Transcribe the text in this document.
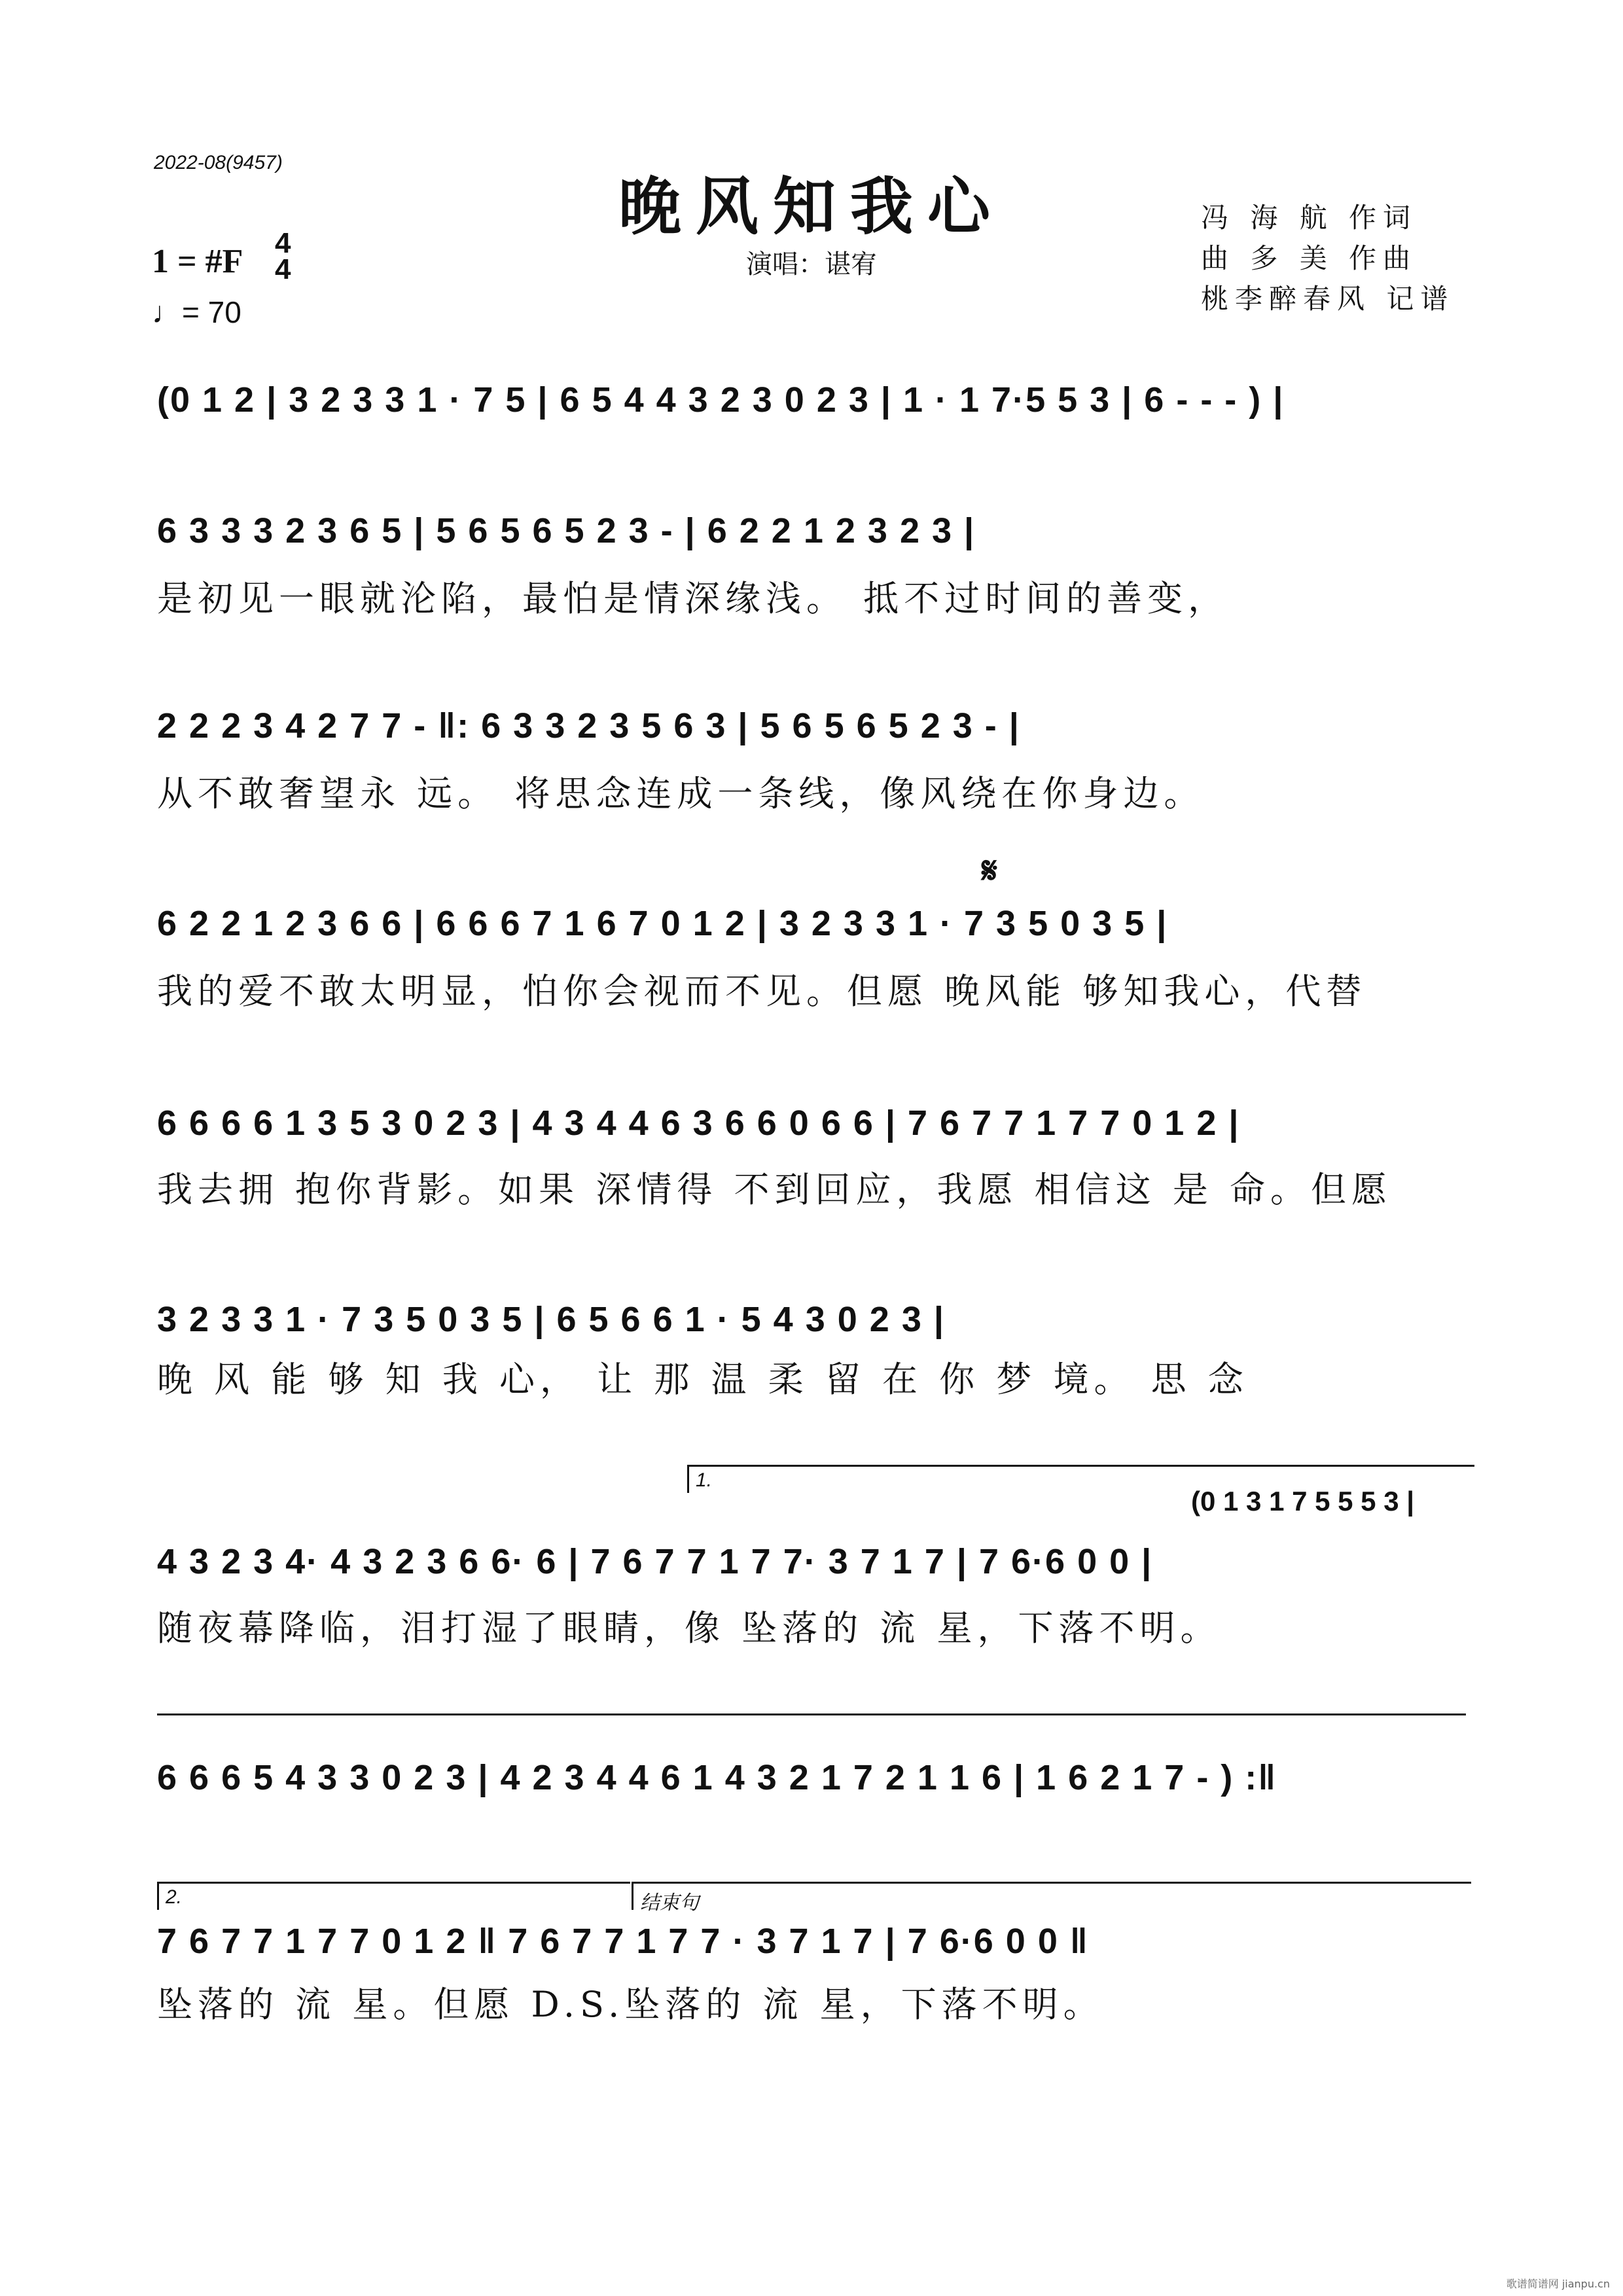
2022-08(9457)
晚风知我心
演唱：谌宥
冯 海 航 作词
曲 多 美 作曲
桃李醉春风 记谱
1 = #F 4
4
♩= 70
(0 1 2 | 3 2 3 3 1 · 7 5 | 6 5 4 4 3 2 3 0 2 3 | 1 · 1 7·5 5 3 | 6 - - - ) |
6 3 3 3 2 3 6 5 | 5 6 5 6 5 2 3 - | 6 2 2 1 2 3 2 3 |
是初见一眼就沦陷，最怕是情深缘浅。 抵不过时间的善变，
2 2 2 3 4 2 7 7 - ‖: 6 3 3 2 3 5 6 3 | 5 6 5 6 5 2 3 - |
从不敢奢望永 远。 将思念连成一条线，像风绕在你身边。
𝄋
6 2 2 1 2 3 6 6 | 6 6 6 7 1 6 7 0 1 2 | 3 2 3 3 1 · 7 3 5 0 3 5 |
我的爱不敢太明显，怕你会视而不见。但愿 晚风能 够知我心，代替
6 6 6 6 1 3 5 3 0 2 3 | 4 3 4 4 6 3 6 6 0 6 6 | 7 6 7 7 1 7 7 0 1 2 |
我去拥 抱你背影。如果 深情得 不到回应，我愿 相信这 是 命。但愿
3 2 3 3 1 · 7 3 5 0 3 5 | 6 5 6 6 1 · 5 4 3 0 2 3 |
晚 风 能 够 知 我 心， 让 那 温 柔 留 在 你 梦 境。 思 念
1.
(0 1 3 1 7 5 5 5 3 |
4 3 2 3 4· 4 3 2 3 6 6· 6 | 7 6 7 7 1 7 7· 3 7 1 7 | 7 6·6 0 0 |
随夜幕降临，泪打湿了眼睛，像 坠落的 流 星，下落不明。
6 6 6 5 4 3 3 0 2 3 | 4 2 3 4 4 6 1 4 3 2 1 7 2 1 1 6 | 1 6 2 1 7 - ) :‖
2.	结束句
7 6 7 7 1 7 7 0 1 2 ‖ 7 6 7 7 1 7 7 · 3 7 1 7 | 7 6·6 0 0 ‖
坠落的 流 星。但愿 D.S.坠落的 流 星，下落不明。
歌谱简谱网 jianpu.cn
